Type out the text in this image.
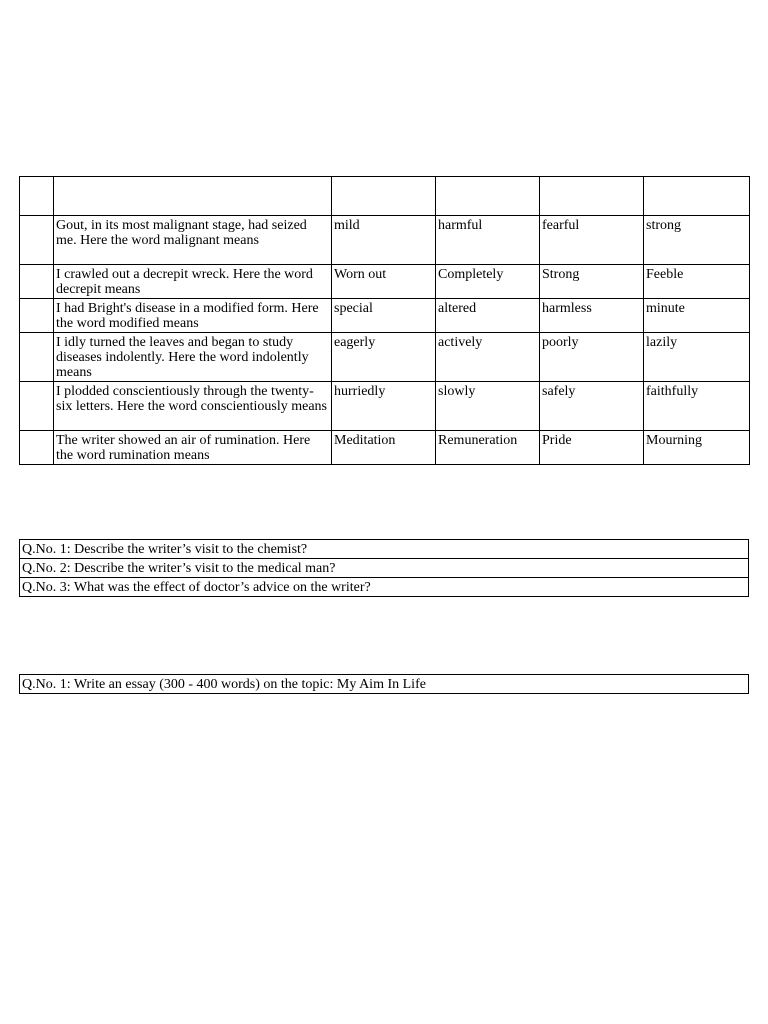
	Gout, in its most malignant stage, had seized me. Here the word malignant means	mild	harmful	fearful	strong
	I crawled out a decrepit wreck. Here the word decrepit means	Worn out	Completely	Strong	Feeble
	I had Bright's disease in a modified form. Here the word modified means	special	altered	harmless	minute
	I idly turned the leaves and began to study diseases indolently. Here the word indolently means	eagerly	actively	poorly	lazily
	I plodded conscientiously through the twenty-six letters. Here the word conscientiously means	hurriedly	slowly	safely	faithfully
	The writer showed an air of rumination. Here the word rumination means	Meditation	Remuneration	Pride	Mourning
Q.No. 1: Describe the writer’s visit to the chemist?
Q.No. 2: Describe the writer’s visit to the medical man?
Q.No. 3: What was the effect of doctor’s advice on the writer?
Q.No. 1: Write an essay (300 - 400 words) on the topic: My Aim In Life
